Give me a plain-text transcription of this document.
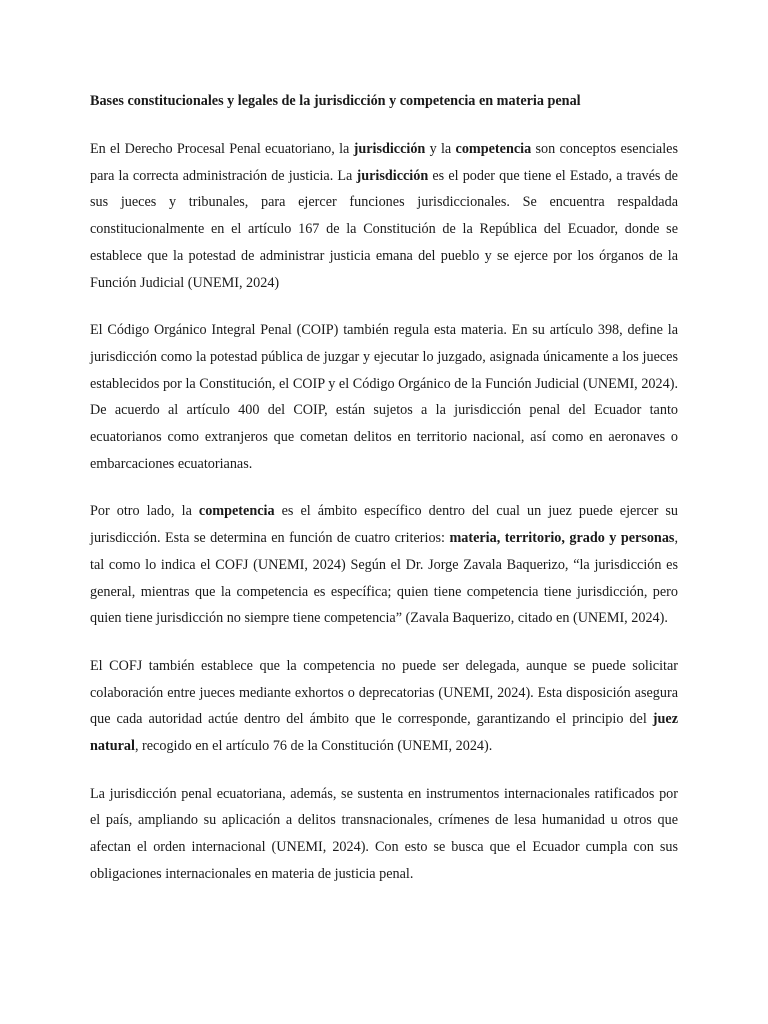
Bases constitucionales y legales de la jurisdicción y competencia en materia penal

En el Derecho Procesal Penal ecuatoriano, la jurisdicción y la competencia son conceptos esenciales para la correcta administración de justicia. La jurisdicción es el poder que tiene el Estado, a través de sus jueces y tribunales, para ejercer funciones jurisdiccionales. Se encuentra respaldada constitucionalmente en el artículo 167 de la Constitución de la República del Ecuador, donde se establece que la potestad de administrar justicia emana del pueblo y se ejerce por los órganos de la Función Judicial (UNEMI, 2024)

El Código Orgánico Integral Penal (COIP) también regula esta materia. En su artículo 398, define la jurisdicción como la potestad pública de juzgar y ejecutar lo juzgado, asignada únicamente a los jueces establecidos por la Constitución, el COIP y el Código Orgánico de la Función Judicial (UNEMI, 2024). De acuerdo al artículo 400 del COIP, están sujetos a la jurisdicción penal del Ecuador tanto ecuatorianos como extranjeros que cometan delitos en territorio nacional, así como en aeronaves o embarcaciones ecuatorianas.

Por otro lado, la competencia es el ámbito específico dentro del cual un juez puede ejercer su jurisdicción. Esta se determina en función de cuatro criterios: materia, territorio, grado y personas, tal como lo indica el COFJ (UNEMI, 2024) Según el Dr. Jorge Zavala Baquerizo, “la jurisdicción es general, mientras que la competencia es específica; quien tiene competencia tiene jurisdicción, pero quien tiene jurisdicción no siempre tiene competencia” (Zavala Baquerizo, citado en (UNEMI, 2024).

El COFJ también establece que la competencia no puede ser delegada, aunque se puede solicitar colaboración entre jueces mediante exhortos o deprecatorias (UNEMI, 2024). Esta disposición asegura que cada autoridad actúe dentro del ámbito que le corresponde, garantizando el principio del juez natural, recogido en el artículo 76 de la Constitución (UNEMI, 2024).

La jurisdicción penal ecuatoriana, además, se sustenta en instrumentos internacionales ratificados por el país, ampliando su aplicación a delitos transnacionales, crímenes de lesa humanidad u otros que afectan el orden internacional (UNEMI, 2024). Con esto se busca que el Ecuador cumpla con sus obligaciones internacionales en materia de justicia penal.
